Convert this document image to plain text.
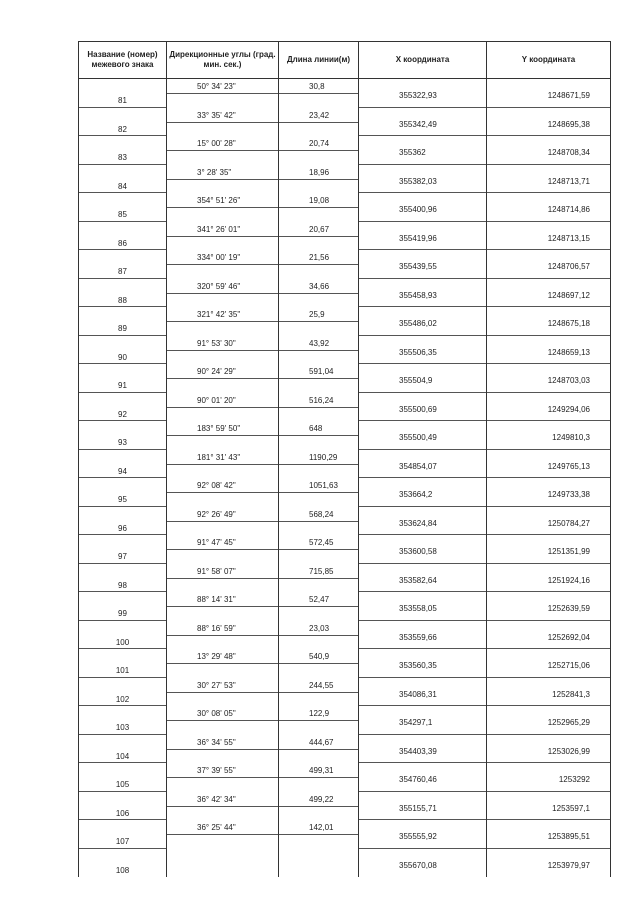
Название (номер) межевого знака	Дирекционные углы (град. мин. сек.)	Длина линии(м)	X координата	Y координата

81	50° 34' 23"	30,8	355322,93	1248671,59

82	33° 35' 42"	23,42	355342,49	1248695,38

83	15° 00' 28"	20,74	355362	1248708,34

84	3° 28' 35"	18,96	355382,03	1248713,71

85	354° 51' 26"	19,08	355400,96	1248714,86

86	341° 26' 01"	20,67	355419,96	1248713,15

87	334° 00' 19"	21,56	355439,55	1248706,57

88	320° 59' 46"	34,66	355458,93	1248697,12

89	321° 42' 35"	25,9	355486,02	1248675,18

90	91° 53' 30"	43,92	355506,35	1248659,13

91	90° 24' 29"	591,04	355504,9	1248703,03

92	90° 01' 20"	516,24	355500,69	1249294,06

93	183° 59' 50"	648	355500,49	1249810,3

94	181° 31' 43"	1190,29	354854,07	1249765,13

95	92° 08' 42"	1051,63	353664,2	1249733,38

96	92° 26' 49"	568,24	353624,84	1250784,27

97	91° 47' 45"	572,45	353600,58	1251351,99

98	91° 58' 07"	715,85	353582,64	1251924,16

99	88° 14' 31"	52,47	353558,05	1252639,59

100	88° 16' 59"	23,03	353559,66	1252692,04

101	13° 29' 48"	540,9	353560,35	1252715,06

102	30° 27' 53"	244,55	354086,31	1252841,3

103	30° 08' 05"	122,9	354297,1	1252965,29

104	36° 34' 55"	444,67	354403,39	1253026,99

105	37° 39' 55"	499,31	354760,46	1253292

106	36° 42' 34"	499,22	355155,71	1253597,1

107	36° 25' 44"	142,01	355555,92	1253895,51

108			355670,08	1253979,97
